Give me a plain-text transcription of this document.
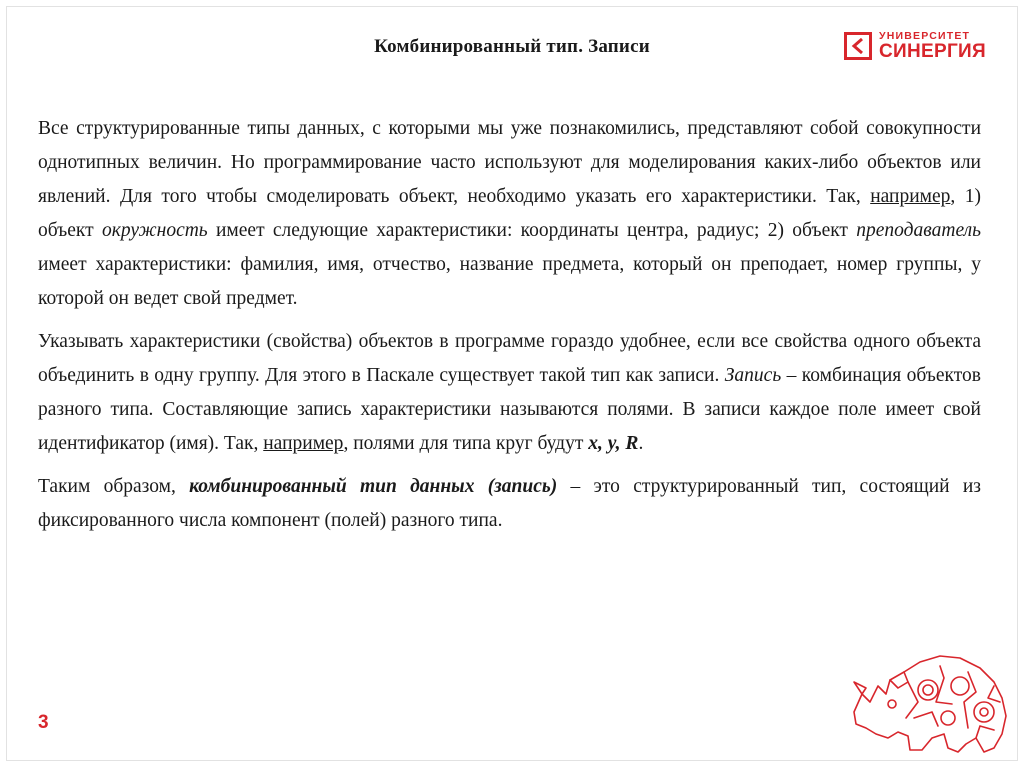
Комбинированный тип. Записи
УНИВЕРСИТЕТ
СИНЕРГИЯ

Все структурированные типы данных, с которыми мы уже познакомились, представляют собой совокупности однотипных величин. Но программирование часто используют для моделирования каких-либо объектов или явлений. Для того чтобы смоделировать объект, необходимо указать его характеристики. Так, например, 1) объект окружность имеет следующие характеристики: координаты центра, радиус; 2) объект преподаватель имеет характеристики: фамилия, имя, отчество, название предмета, который он преподает, номер группы, у которой он ведет свой предмет.

Указывать характеристики (свойства) объектов в программе гораздо удобнее, если все свойства одного объекта объединить в одну группу. Для этого в Паскале существует такой тип как записи. Запись – комбинация объектов разного типа. Составляющие запись характеристики называются полями. В записи каждое поле имеет свой идентификатор (имя). Так, например, полями для типа круг будут x, y, R.

Таким образом, комбинированный тип данных (запись) – это структурированный тип, состоящий из фиксированного числа компонент (полей) разного типа.

3
